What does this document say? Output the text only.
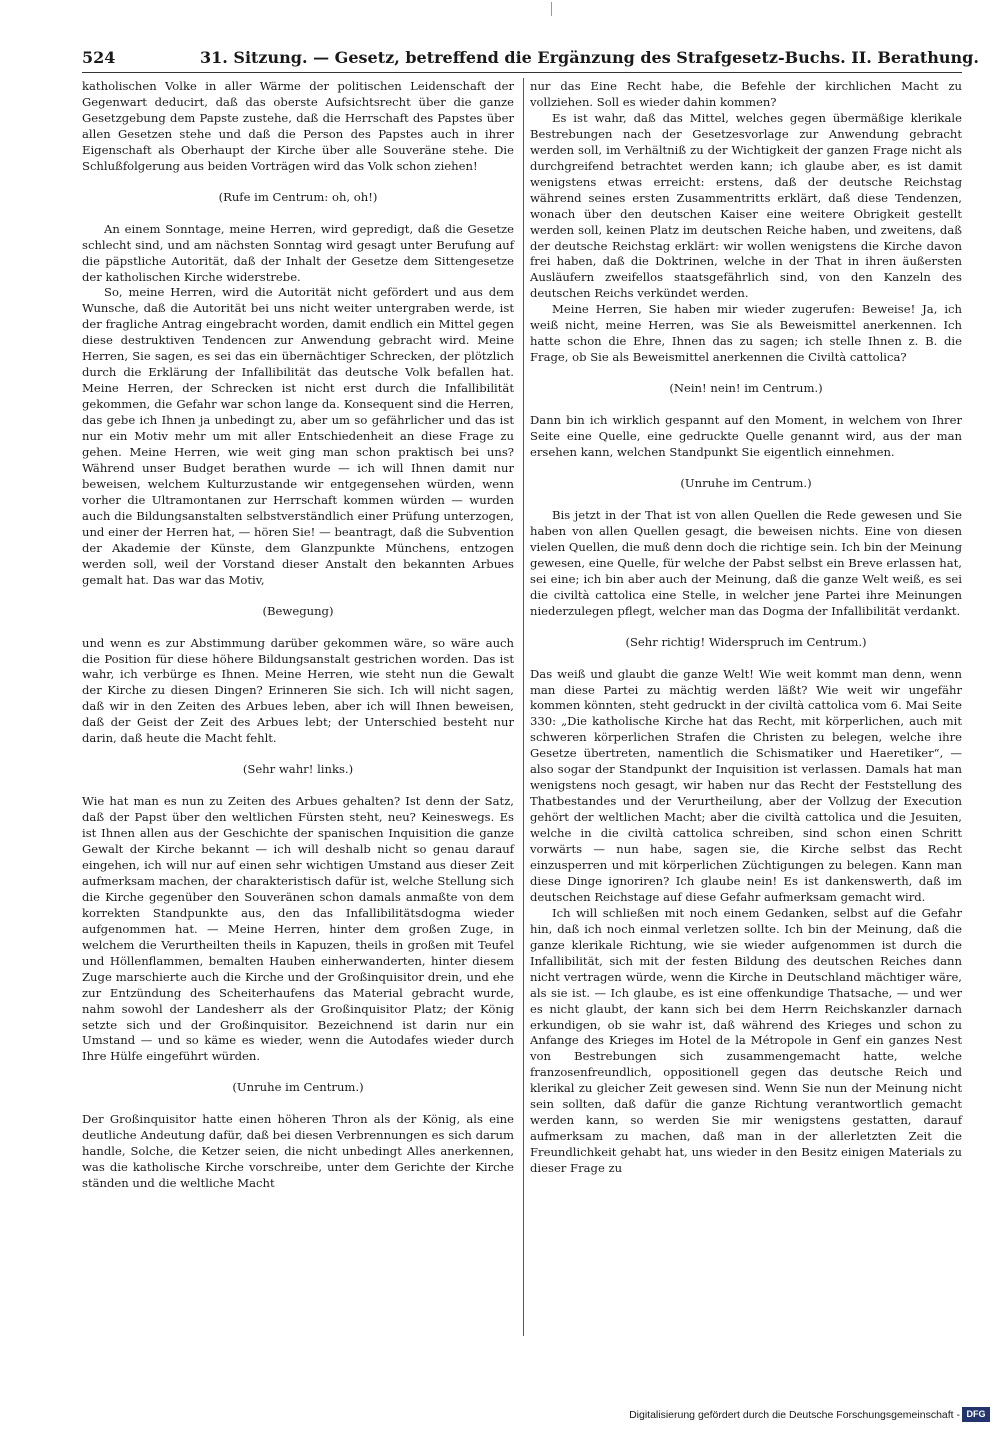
524	31. Sitzung. — Gesetz, betreffend die Ergänzung des Strafgesetz-Buchs. II. Berathung.

katholischen Volke in aller Wärme der politischen Leidenschaft der Gegenwart deducirt, daß das oberste Aufsichtsrecht über die ganze Gesetzgebung dem Papste zustehe, daß die Herrschaft des Papstes über allen Gesetzen stehe und daß die Person des Papstes auch in ihrer Eigenschaft als Oberhaupt der Kirche über alle Souveräne stehe. Die Schlußfolgerung aus beiden Vorträgen wird das Volk schon ziehen!

(Rufe im Centrum: oh, oh!)

An einem Sonntage, meine Herren, wird gepredigt, daß die Gesetze schlecht sind, und am nächsten Sonntag wird gesagt unter Berufung auf die päpstliche Autorität, daß der Inhalt der Gesetze dem Sittengesetze der katholischen Kirche widerstrebe.

So, meine Herren, wird die Autorität nicht gefördert und aus dem Wunsche, daß die Autorität bei uns nicht weiter untergraben werde, ist der fragliche Antrag eingebracht worden, damit endlich ein Mittel gegen diese destruktiven Tendencen zur Anwendung gebracht wird. Meine Herren, Sie sagen, es sei das ein übernächtiger Schrecken, der plötzlich durch die Erklärung der Infallibilität das deutsche Volk befallen hat. Meine Herren, der Schrecken ist nicht erst durch die Infallibilität gekommen, die Gefahr war schon lange da. Konsequent sind die Herren, das gebe ich Ihnen ja unbedingt zu, aber um so gefährlicher und das ist nur ein Motiv mehr um mit aller Entschiedenheit an diese Frage zu gehen. Meine Herren, wie weit ging man schon praktisch bei uns? Während unser Budget berathen wurde — ich will Ihnen damit nur beweisen, welchem Kulturzustande wir entgegensehen würden, wenn vorher die Ultramontanen zur Herrschaft kommen würden — wurden auch die Bildungsanstalten selbstverständlich einer Prüfung unterzogen, und einer der Herren hat, — hören Sie! — beantragt, daß die Subvention der Akademie der Künste, dem Glanzpunkte Münchens, entzogen werden soll, weil der Vorstand dieser Anstalt den bekannten Arbues gemalt hat. Das war das Motiv,

(Bewegung)

und wenn es zur Abstimmung darüber gekommen wäre, so wäre auch die Position für diese höhere Bildungsanstalt gestrichen worden. Das ist wahr, ich verbürge es Ihnen. Meine Herren, wie steht nun die Gewalt der Kirche zu diesen Dingen? Erinneren Sie sich. Ich will nicht sagen, daß wir in den Zeiten des Arbues leben, aber ich will Ihnen beweisen, daß der Geist der Zeit des Arbues lebt; der Unterschied besteht nur darin, daß heute die Macht fehlt.

(Sehr wahr! links.)

Wie hat man es nun zu Zeiten des Arbues gehalten? Ist denn der Satz, daß der Papst über den weltlichen Fürsten steht, neu? Keineswegs. Es ist Ihnen allen aus der Geschichte der spanischen Inquisition die ganze Gewalt der Kirche bekannt — ich will deshalb nicht so genau darauf eingehen, ich will nur auf einen sehr wichtigen Umstand aus dieser Zeit aufmerksam machen, der charakteristisch dafür ist, welche Stellung sich die Kirche gegenüber den Souveränen schon damals anmaßte von dem korrekten Standpunkte aus, den das Infallibilitätsdogma wieder aufgenommen hat. — Meine Herren, hinter dem großen Zuge, in welchem die Verurtheilten theils in Kapuzen, theils in großen mit Teufel und Höllenflammen, bemalten Hauben einherwanderten, hinter diesem Zuge marschierte auch die Kirche und der Großinquisitor drein, und ehe zur Entzündung des Scheiterhaufens das Material gebracht wurde, nahm sowohl der Landesherr als der Großinquisitor Platz; der König setzte sich und der Großinquisitor. Bezeichnend ist darin nur ein Umstand — und so käme es wieder, wenn die Autodafes wieder durch Ihre Hülfe eingeführt würden.

(Unruhe im Centrum.)

Der Großinquisitor hatte einen höheren Thron als der König, als eine deutliche Andeutung dafür, daß bei diesen Verbrennungen es sich darum handle, Solche, die Ketzer seien, die nicht unbedingt Alles anerkennen, was die katholische Kirche vorschreibe, unter dem Gerichte der Kirche ständen und die weltliche Macht

nur das Eine Recht habe, die Befehle der kirchlichen Macht zu vollziehen. Soll es wieder dahin kommen?

Es ist wahr, daß das Mittel, welches gegen übermäßige klerikale Bestrebungen nach der Gesetzesvorlage zur Anwendung gebracht werden soll, im Verhältniß zu der Wichtigkeit der ganzen Frage nicht als durchgreifend betrachtet werden kann; ich glaube aber, es ist damit wenigstens etwas erreicht: erstens, daß der deutsche Reichstag während seines ersten Zusammentritts erklärt, daß diese Tendenzen, wonach über den deutschen Kaiser eine weitere Obrigkeit gestellt werden soll, keinen Platz im deutschen Reiche haben, und zweitens, daß der deutsche Reichstag erklärt: wir wollen wenigstens die Kirche davon frei haben, daß die Doktrinen, welche in der That in ihren äußersten Ausläufern zweifellos staatsgefährlich sind, von den Kanzeln des deutschen Reichs verkündet werden.

Meine Herren, Sie haben mir wieder zugerufen: Beweise! Ja, ich weiß nicht, meine Herren, was Sie als Beweismittel anerkennen. Ich hatte schon die Ehre, Ihnen das zu sagen; ich stelle Ihnen z. B. die Frage, ob Sie als Beweismittel anerkennen die Civiltà cattolica?

(Nein! nein! im Centrum.)

Dann bin ich wirklich gespannt auf den Moment, in welchem von Ihrer Seite eine Quelle, eine gedruckte Quelle genannt wird, aus der man ersehen kann, welchen Standpunkt Sie eigentlich einnehmen.

(Unruhe im Centrum.)

Bis jetzt in der That ist von allen Quellen die Rede gewesen und Sie haben von allen Quellen gesagt, die beweisen nichts. Eine von diesen vielen Quellen, die muß denn doch die richtige sein. Ich bin der Meinung gewesen, eine Quelle, für welche der Pabst selbst ein Breve erlassen hat, sei eine; ich bin aber auch der Meinung, daß die ganze Welt weiß, es sei die civiltà cattolica eine Stelle, in welcher jene Partei ihre Meinungen niederzulegen pflegt, welcher man das Dogma der Infallibilität verdankt.

(Sehr richtig! Widerspruch im Centrum.)

Das weiß und glaubt die ganze Welt! Wie weit kommt man denn, wenn man diese Partei zu mächtig werden läßt? Wie weit wir ungefähr kommen könnten, steht gedruckt in der civiltà cattolica vom 6. Mai Seite 330: „Die katholische Kirche hat das Recht, mit körperlichen, auch mit schweren körperlichen Strafen die Christen zu belegen, welche ihre Gesetze übertreten, namentlich die Schismatiker und Haeretiker“, — also sogar der Standpunkt der Inquisition ist verlassen. Damals hat man wenigstens noch gesagt, wir haben nur das Recht der Feststellung des Thatbestandes und der Verurtheilung, aber der Vollzug der Execution gehört der weltlichen Macht; aber die civiltà cattolica und die Jesuiten, welche in die civiltà cattolica schreiben, sind schon einen Schritt vorwärts — nun habe, sagen sie, die Kirche selbst das Recht einzusperren und mit körperlichen Züchtigungen zu belegen. Kann man diese Dinge ignoriren? Ich glaube nein! Es ist dankenswerth, daß im deutschen Reichstage auf diese Gefahr aufmerksam gemacht wird.

Ich will schließen mit noch einem Gedanken, selbst auf die Gefahr hin, daß ich noch einmal verletzen sollte. Ich bin der Meinung, daß die ganze klerikale Richtung, wie sie wieder aufgenommen ist durch die Infallibilität, sich mit der festen Bildung des deutschen Reiches dann nicht vertragen würde, wenn die Kirche in Deutschland mächtiger wäre, als sie ist. — Ich glaube, es ist eine offenkundige Thatsache, — und wer es nicht glaubt, der kann sich bei dem Herrn Reichskanzler darnach erkundigen, ob sie wahr ist, daß während des Krieges und schon zu Anfange des Krieges im Hotel de la Métropole in Genf ein ganzes Nest von Bestrebungen sich zusammengemacht hatte, welche franzosenfreundlich, oppositionell gegen das deutsche Reich und klerikal zu gleicher Zeit gewesen sind. Wenn Sie nun der Meinung nicht sein sollten, daß dafür die ganze Richtung verantwortlich gemacht werden kann, so werden Sie mir wenigstens gestatten, darauf aufmerksam zu machen, daß man in der allerletzten Zeit die Freundlichkeit gehabt hat, uns wieder in den Besitz einigen Materials zu dieser Frage zu

Digitalisierung gefördert durch die Deutsche Forschungsgemeinschaft - DFG
